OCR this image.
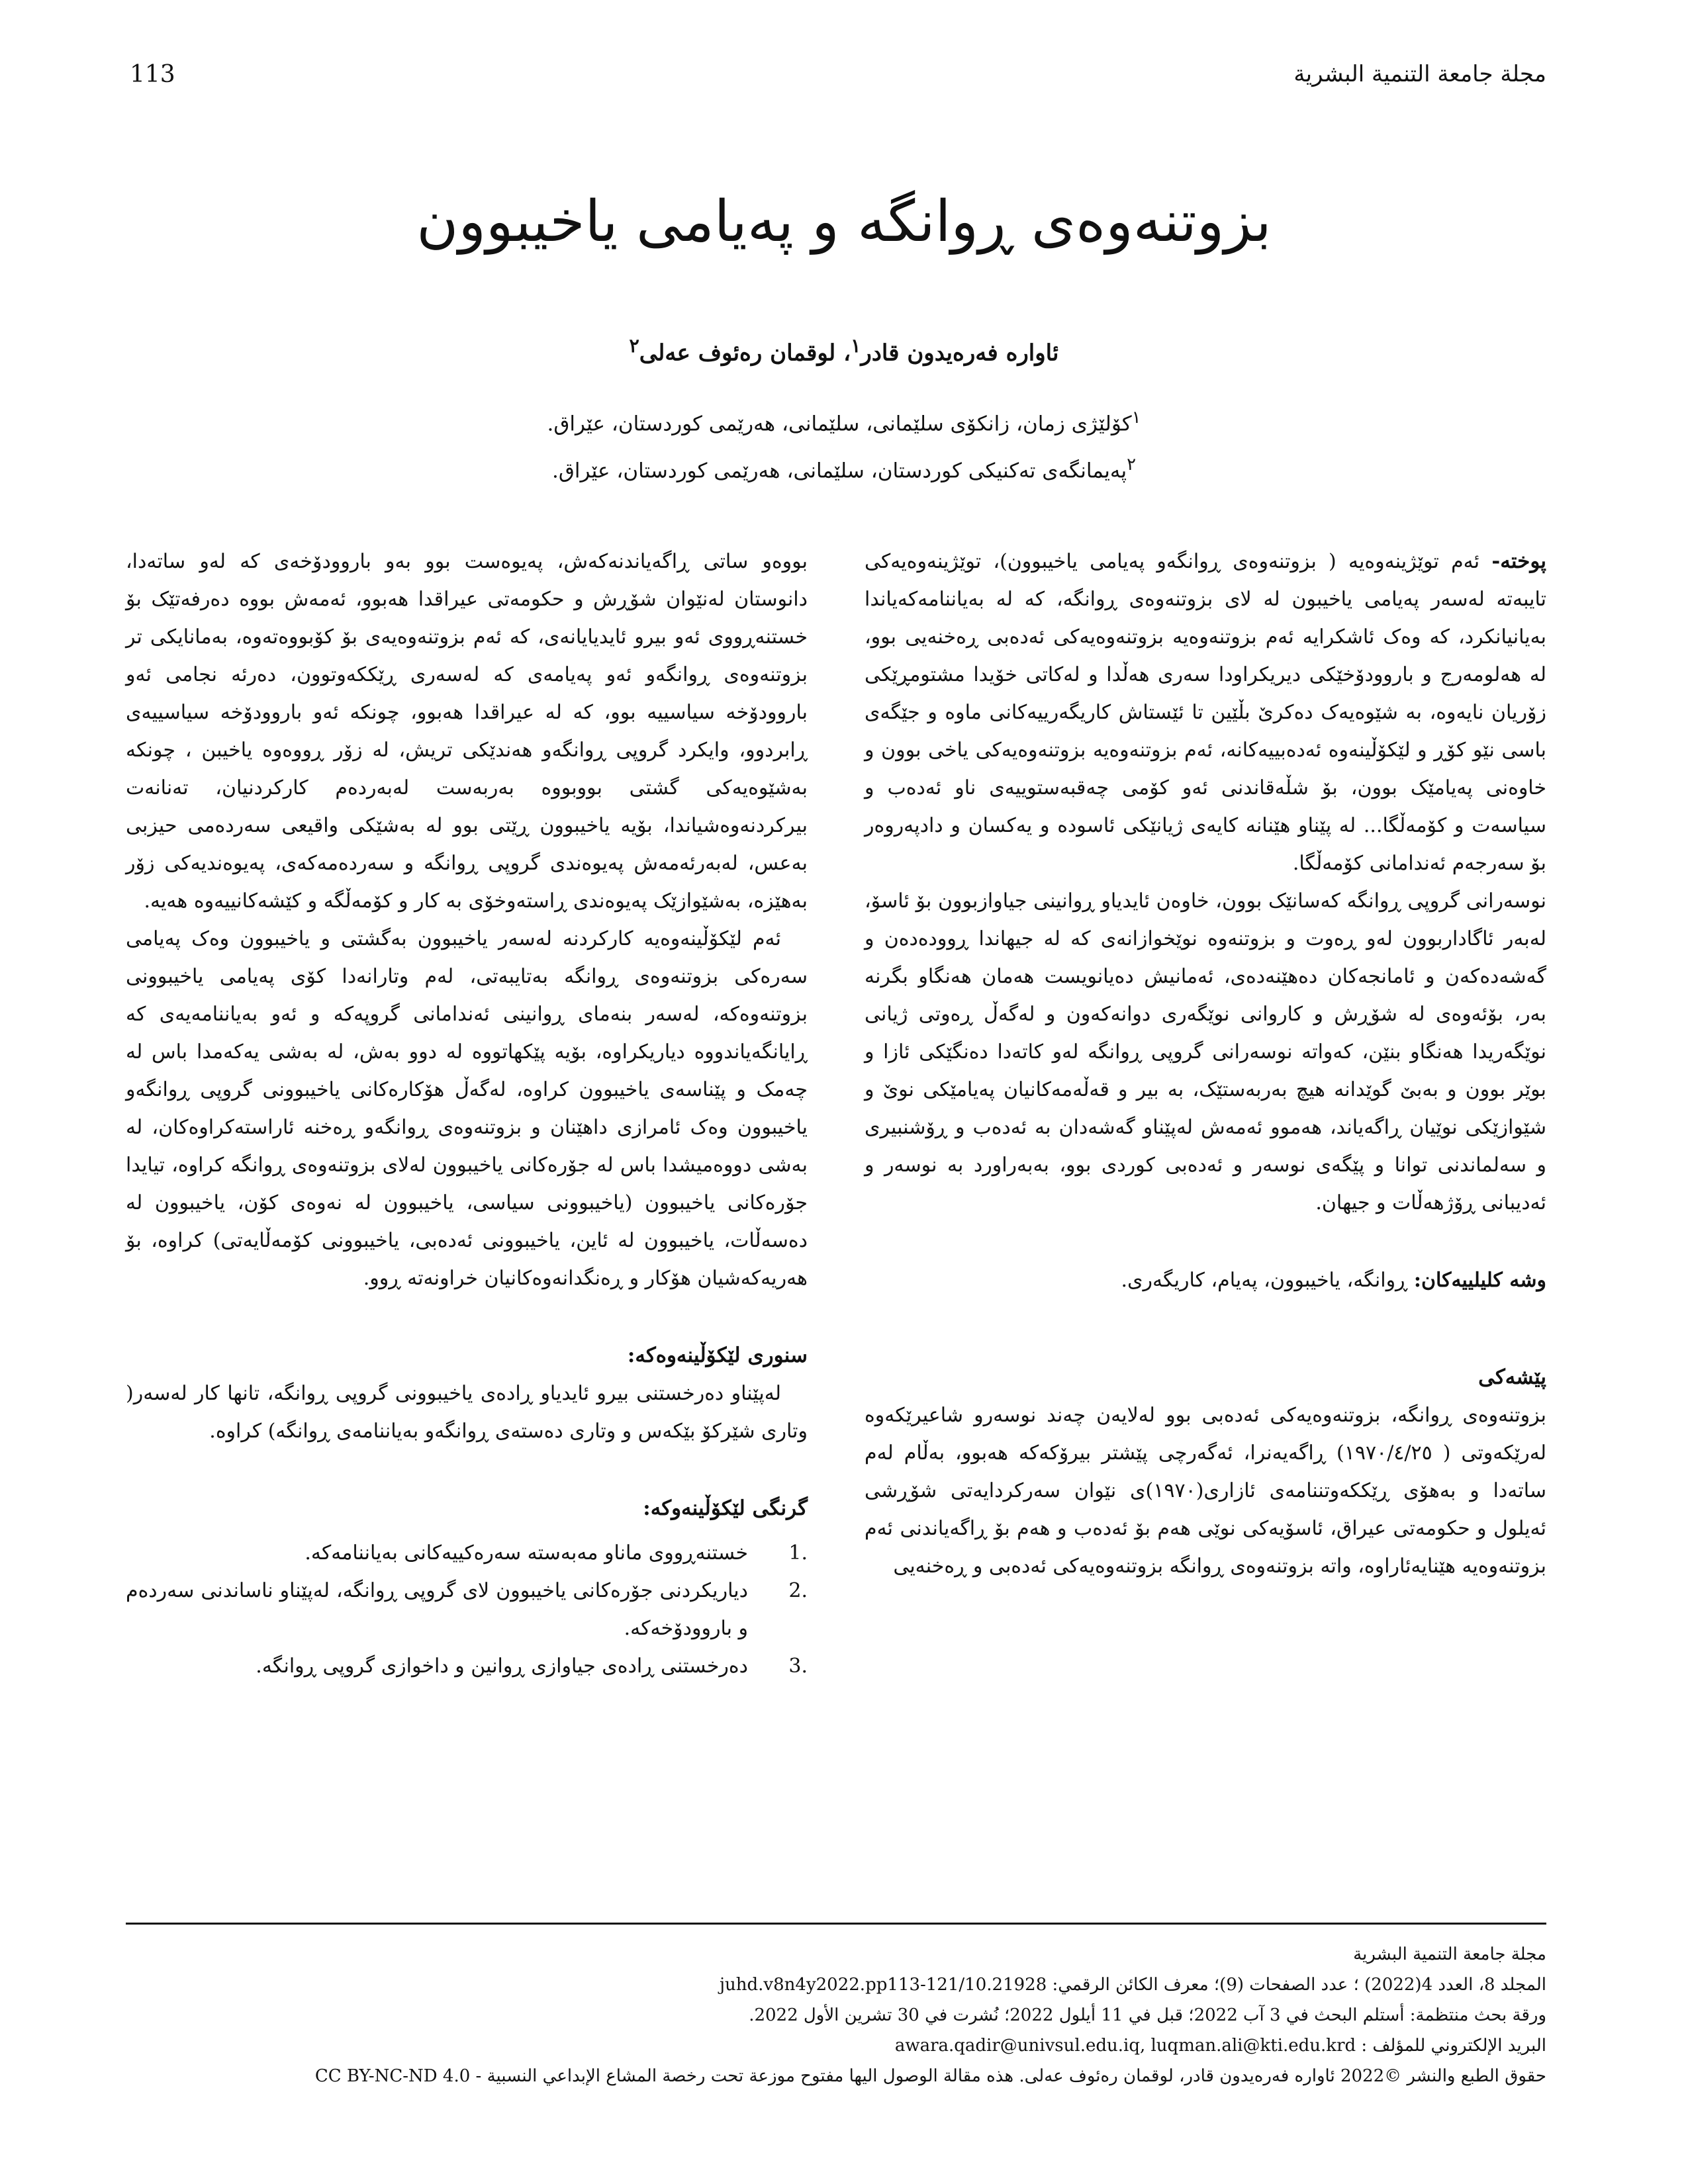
مجلة جامعة التنمية البشرية
113
بزوتنەوەی ڕوانگە و پەیامی یاخیبوون
ئاوارە فەرەیدون قادر$^١$، لوقمان رەئوف عەلی$^٢$
$^١$کۆلێژی زمان، زانکۆی سلێمانی، سلێمانی، هەرێمی کوردستان، عێراق.
$^٢$پەیمانگەی تەکنیکی کوردستان، سلێمانی، هەرێمی کوردستان، عێراق.

پوختە- ئەم توێژینەوەیە ( بزوتنەوەی ڕوانگەو پەیامی یاخیبوون)، توێژینەوەیەکی تایبەتە لەسەر پەیامی یاخیبون لە لای بزوتنەوەی ڕوانگە، کە لە بەیاننامەکەیاندا بەیانیانکرد، کە وەک ئاشکرایە ئەم بزوتنەوەیە بزوتنەوەیەکی ئەدەبی ڕەخنەیی بوو، لە هەلومەرج و باروودۆخێکی دیریکراودا سەری هەڵدا و لەکاتی خۆیدا مشتومڕێکی زۆریان نایەوە، بە شێوەیەک دەکرێ بڵێین تا ئێستاش کاریگەرییەکانی ماوە و جێگەی باسی نێو کۆڕ و لێکۆڵینەوە ئەدەبییەکانە، ئەم بزوتنەوەیە بزوتنەوەیەکی یاخی بوون و خاوەنی پەیامێک بوون، بۆ شڵەقاندنی ئەو کۆمی چەقبەستوییەی ناو ئەدەب و سیاسەت و کۆمەڵگا... لە پێناو هێنانە کایەی ژیانێکی ئاسودە و یەکسان و دادپەروەر بۆ سەرجەم ئەندامانی کۆمەڵگا.

نوسەرانی گروپی ڕوانگە کەسانێک بوون، خاوەن ئایدیاو ڕوانینی جیاوازبوون بۆ ئاسۆ، لەبەر ئاگاداربوون لەو ڕەوت و بزوتنەوە نوێخوازانەی کە لە جیهاندا ڕوودەدەن و گەشەدەکەن و ئامانجەکان دەهێنەدەی، ئەمانیش دەیانویست هەمان هەنگاو بگرنە بەر، بۆئەوەی لە شۆڕش و کاروانی نوێگەری دوانەکەون و لەگەڵ ڕەوتی ژیانی نوێگەریدا هەنگاو بنێن، کەواتە نوسەرانی گروپی ڕوانگە لەو کاتەدا دەنگێکی ئازا و بوێر بوون و بەبێ گوێدانە هیچ بەربەستێک، بە بیر و قەڵەمەکانیان پەیامێکی نوێ و شێوازێکی نوێیان ڕاگەیاند، هەموو ئەمەش لەپێناو گەشەدان بە ئەدەب و ڕۆشنبیری و سەلماندنی توانا و پێگەی نوسەر و ئەدەبی کوردی بوو، بەبەراورد بە نوسەر و ئەدیبانی ڕۆژهەڵات و جیهان.

وشە کلیلییەکان: ڕوانگە، یاخیبوون، پەیام، کاریگەری.

پێشەکی

بزوتنەوەی ڕوانگە، بزوتنەوەیەکی ئەدەبی بوو لەلایەن چەند نوسەرو شاعیرێکەوە لەرێکەوتی ( ١٩٧٠/٤/٢٥) ڕاگەیەنرا، ئەگەرچی پێشتر بیرۆکەکە هەبوو، بەڵام لەم ساتەدا و بەهۆی ڕێککەوتننامەی ئازاری(١٩٧٠)ی نێوان سەرکردایەتی شۆڕشی ئەیلول و حکومەتی عیراق، ئاسۆیەکی نوێی هەم بۆ ئەدەب و هەم بۆ ڕاگەیاندنی ئەم بزوتنەوەیە هێنایەئاراوە، واتە بزوتنەوەی ڕوانگە بزوتنەوەیەکی ئەدەبی و ڕەخنەیی

بووەو ساتی ڕاگەیاندنەکەش، پەیوەست بوو بەو باروودۆخەی کە لەو ساتەدا، دانوستان لەنێوان شۆڕش و حکومەتی عیراقدا هەبوو، ئەمەش بووە دەرفەتێک بۆ خستنەڕووی ئەو بیرو ئایدیایانەی، کە ئەم بزوتنەوەیەی بۆ کۆبووەتەوە، بەمانایکی تر بزوتنەوەی ڕوانگەو ئەو پەیامەی کە لەسەری ڕێککەوتوون، دەرئە نجامی ئەو باروودۆخە سیاسییە بوو، کە لە عیراقدا هەبوو، چونکە ئەو باروودۆخە سیاسییەی ڕابردوو، وایکرد گروپی ڕوانگەو هەندێکی تریش، لە زۆر ڕووەوە یاخیبن ، چونکە بەشێوەیەکی گشتی بووبووە بەربەست لەبەردەم کارکردنیان، تەنانەت بیرکردنەوەشیاندا، بۆیە یاخیبوون ڕێتی بوو لە بەشێکی واقیعی سەردەمی حیزبی بەعس، لەبەرئەمەش پەیوەندی گروپی ڕوانگە و سەردەمەکەی، پەیوەندیەکی زۆر بەهێزە، بەشێوازێک پەیوەندی ڕاستەوخۆی بە کار و کۆمەڵگە و کێشەکانییەوە هەیە.

ئەم لێکۆڵینەوەیە کارکردنە لەسەر یاخیبوون بەگشتی و یاخیبوون وەک پەیامی سەرەکی بزوتنەوەی ڕوانگە بەتایبەتی، لەم وتارانەدا کۆی پەیامی یاخیبوونی بزوتنەوەکە، لەسەر بنەمای ڕوانینی ئەندامانی گروپەکە و ئەو بەیاننامەیەی کە ڕایانگەیاندووە دیاریکراوە، بۆیە پێکهاتووە لە دوو بەش، لە بەشی یەکەمدا باس لە چەمک و پێناسەی یاخیبوون کراوە، لەگەڵ هۆکارەکانی یاخیبوونی گروپی ڕوانگەو یاخیبوون وەک ئامرازی داهێنان و بزوتنەوەی ڕوانگەو ڕەخنە ئاراستەکراوەکان، لە بەشی دووەمیشدا باس لە جۆرەکانی یاخیبوون لەلای بزوتنەوەی ڕوانگە کراوە، تیایدا جۆرەکانی یاخیبوون (یاخیبوونی سیاسی، یاخیبوون لە نەوەی کۆن، یاخیبوون لە دەسەڵات، یاخیبوون لە ئاین، یاخیبوونی ئەدەبی، یاخیبوونی کۆمەڵایەتی) کراوە، بۆ هەریەکەشیان هۆکار و ڕەنگدانەوەکانیان خراونەتە ڕوو.

سنوری لێکۆڵینەوەکە:

لەپێناو دەرخستنی بیرو ئایدیاو ڕادەی یاخیبوونی گروپی ڕوانگە، تانها کار لەسەر( وتاری شێرکۆ بێکەس و وتاری دەستەی ڕوانگەو بەیاننامەی ڕوانگە) کراوە.

گرنگی لێکۆڵینەوکە:

.1
خستنەڕووی ماناو مەبەستە سەرەکییەکانی بەیاننامەکە.
.2
دیاریکردنی جۆرەکانی یاخیبوون لای گروپی ڕوانگە، لەپێناو ناساندنی سەردەم و باروودۆخەکە.
.3
دەرخستنی ڕادەی جیاوازی ڕوانین و داخوازی گروپی ڕوانگە.
مجلة جامعة التنمية البشرية
المجلد 8، العدد 4(2022) ؛ عدد الصفحات (9)؛ معرف الكائن الرقمي: 10.21928/juhd.v8n4y2022.pp113-121
ورقة بحث منتظمة: أستلم البحث في 3 آب 2022؛ قبل في 11 أيلول 2022؛ نُشرت في 30 تشرين الأول 2022.
البريد الإلكتروني للمؤلف : awara.qadir@univsul.edu.iq, luqman.ali@kti.edu.krd
حقوق الطبع والنشر ©2022 ئاوارە فەرەیدون قادر، لوقمان رەئوف عەلی. هذه مقالة الوصول اليها مفتوح موزعة تحت رخصة المشاع الإبداعي النسبية - CC BY-NC-ND 4.0
